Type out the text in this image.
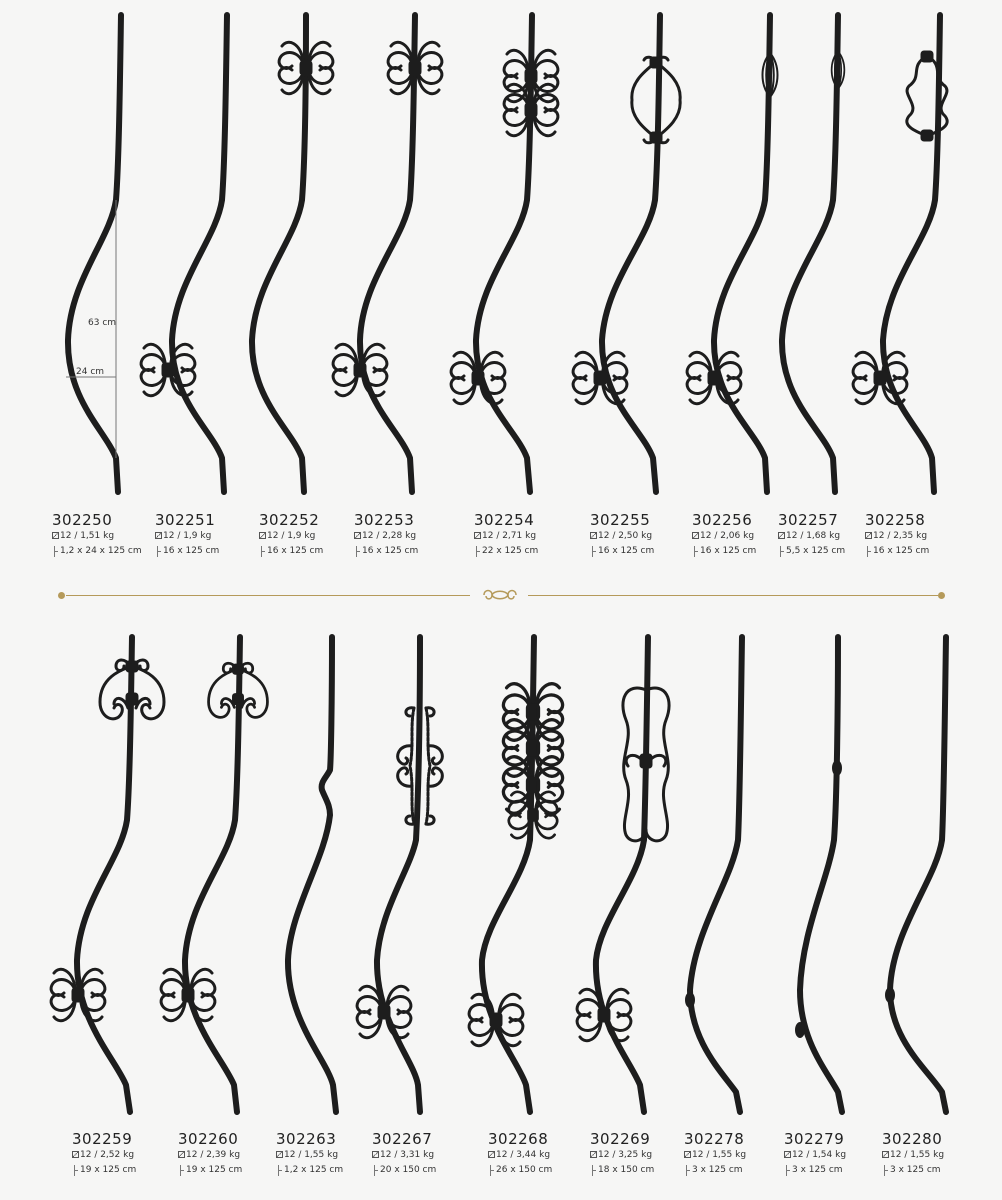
63 cm
24 cm
302250
12 / 1,51 kg
1,2 x 24 x 125 cm
302251
12 / 1,9 kg
16 x 125 cm
302252
12 / 1,9 kg
16 x 125 cm
302253
12 / 2,28 kg
16 x 125 cm
302254
12 / 2,71 kg
22 x 125 cm
302255
12 / 2,50 kg
16 x 125 cm
302256
12 / 2,06 kg
16 x 125 cm
302257
12 / 1,68 kg
5,5 x 125 cm
302258
12 / 2,35 kg
16 x 125 cm
302259
12 / 2,52 kg
19 x 125 cm
302260
12 / 2,39 kg
19 x 125 cm
302263
12 / 1,55 kg
1,2 x 125 cm
302267
12 / 3,31 kg
20 x 150 cm
302268
12 / 3,44 kg
26 x 150 cm
302269
12 / 3,25 kg
18 x 150 cm
302278
12 / 1,55 kg
3 x 125 cm
302279
12 / 1,54 kg
3 x 125 cm
302280
12 / 1,55 kg
3 x 125 cm
